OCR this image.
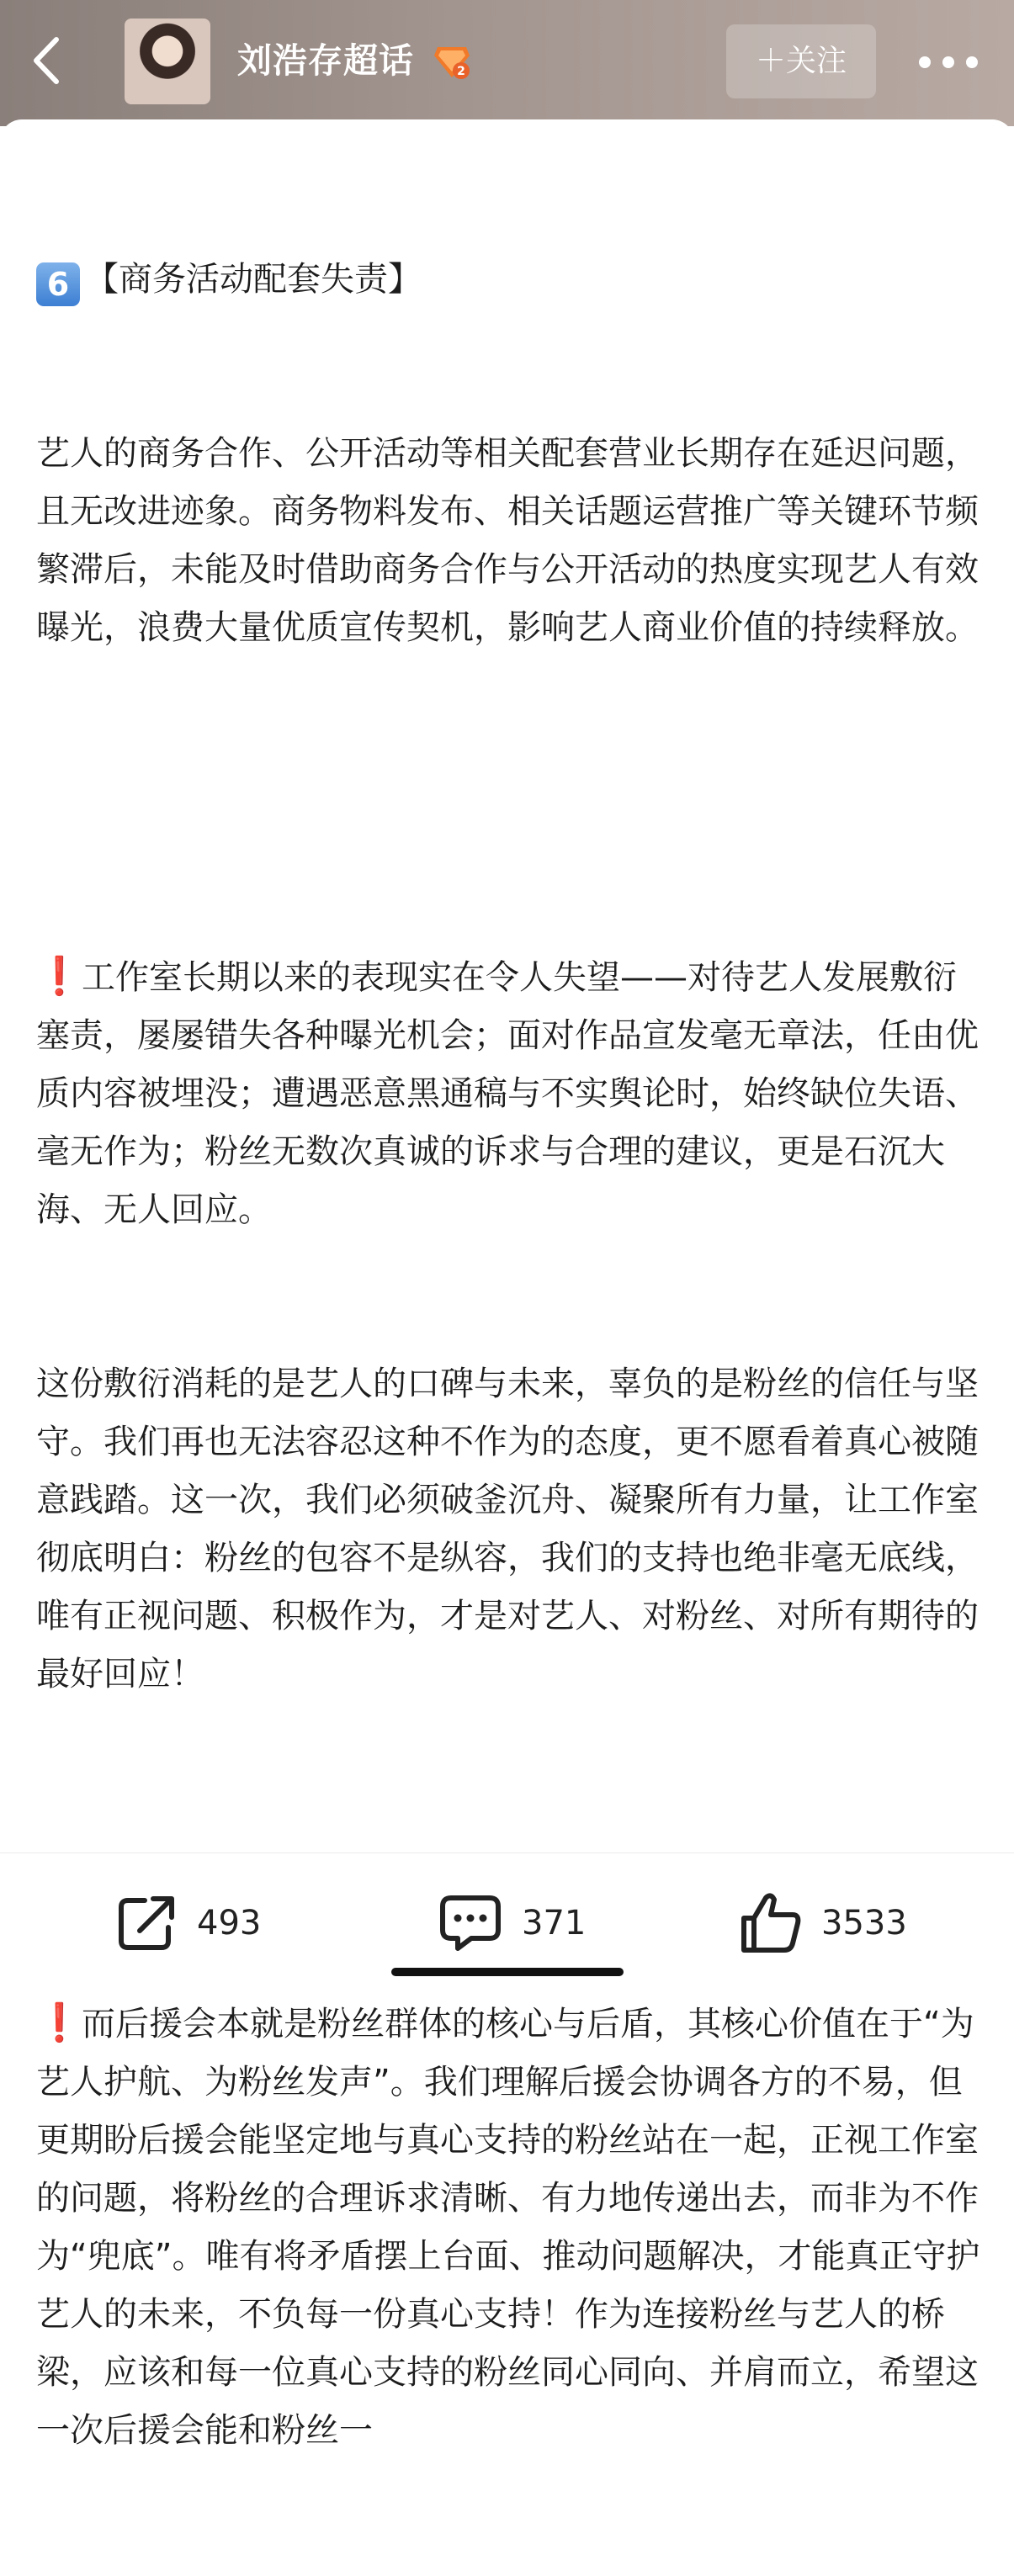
刘浩存超话	2	＋关注

6 【商务活动配套失责】

艺人的商务合作、公开活动等相关配套营业长期存在延迟问题，且无改进迹象。商务物料发布、相关话题运营推广等关键环节频繁滞后，未能及时借助商务合作与公开活动的热度实现艺人有效曝光，浪费大量优质宣传契机，影响艺人商业价值的持续释放。

❗工作室长期以来的表现实在令人失望——对待艺人发展敷衍塞责，屡屡错失各种曝光机会；面对作品宣发毫无章法，任由优质内容被埋没；遭遇恶意黑通稿与不实舆论时，始终缺位失语、毫无作为；粉丝无数次真诚的诉求与合理的建议，更是石沉大海、无人回应。

这份敷衍消耗的是艺人的口碑与未来，辜负的是粉丝的信任与坚守。我们再也无法容忍这种不作为的态度，更不愿看着真心被随意践踏。这一次，我们必须破釜沉舟、凝聚所有力量，让工作室彻底明白：粉丝的包容不是纵容，我们的支持也绝非毫无底线，唯有正视问题、积极作为，才是对艺人、对粉丝、对所有期待的最好回应！

❗而后援会本就是粉丝群体的核心与后盾，其核心价值在于“为艺人护航、为粉丝发声”。我们理解后援会协调各方的不易，但更期盼后援会能坚定地与真心支持的粉丝站在一起，正视工作室的问题，将粉丝的合理诉求清晰、有力地传递出去，而非为不作为“兜底”。唯有将矛盾摆上台面、推动问题解决，才能真正守护艺人的未来，不负每一份真心支持！作为连接粉丝与艺人的桥梁，应该和每一位真心支持的粉丝同心同向、并肩而立，希望这一次后援会能和粉丝一

493	371	3533
